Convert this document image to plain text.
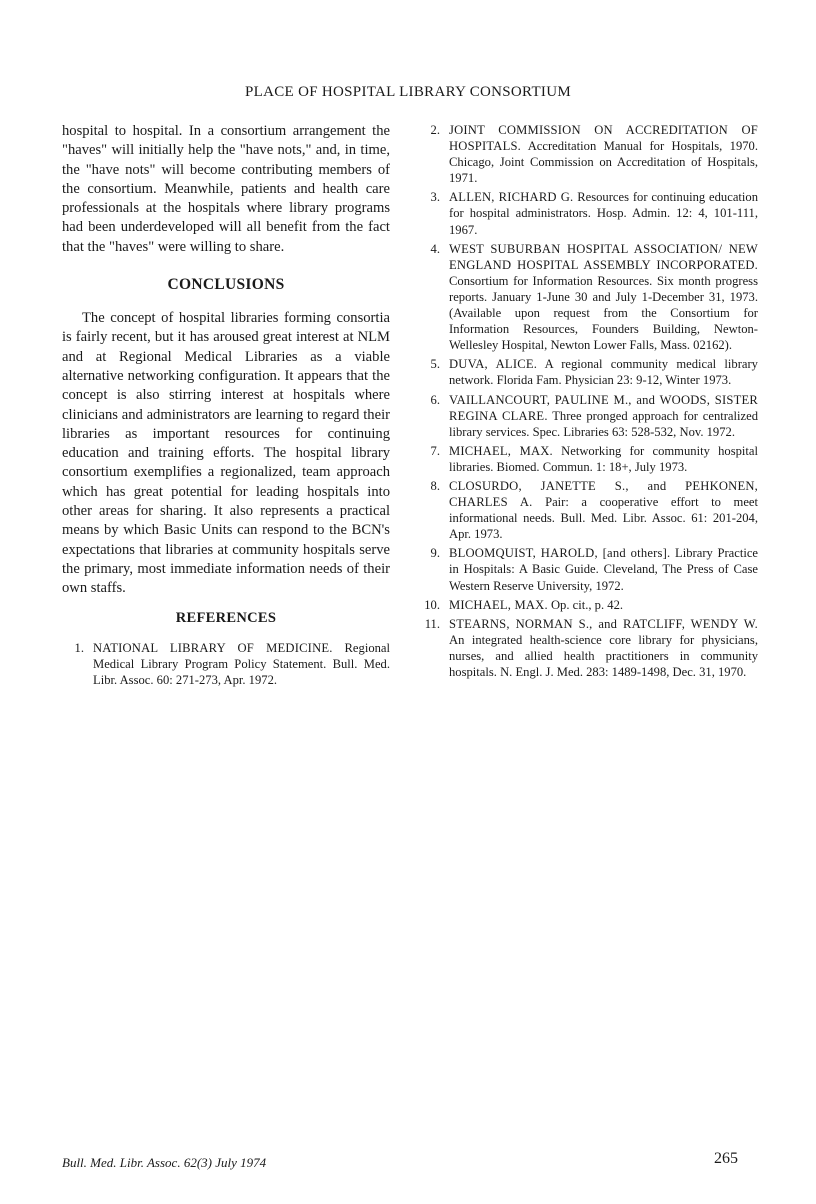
PLACE OF HOSPITAL LIBRARY CONSORTIUM

hospital to hospital. In a consortium arrangement the "haves" will initially help the "have nots," and, in time, the "have nots" will become contributing members of the consortium. Meanwhile, patients and health care professionals at the hospitals where library programs had been underdeveloped will all benefit from the fact that the "haves" were willing to share.

CONCLUSIONS

The concept of hospital libraries forming consortia is fairly recent, but it has aroused great interest at NLM and at Regional Medical Libraries as a viable alternative networking configuration. It appears that the concept is also stirring interest at hospitals where clinicians and administrators are learning to regard their libraries as important resources for continuing education and training efforts. The hospital library consortium exemplifies a regionalized, team approach which has great potential for leading hospitals into other areas for sharing. It also represents a practical means by which Basic Units can respond to the BCN's expectations that libraries at community hospitals serve the primary, most immediate information needs of their own staffs.

REFERENCES
1. NATIONAL LIBRARY OF MEDICINE. Regional Medical Library Program Policy Statement. Bull. Med. Libr. Assoc. 60: 271-273, Apr. 1972.
2. JOINT COMMISSION ON ACCREDITATION OF HOSPITALS. Accreditation Manual for Hospitals, 1970. Chicago, Joint Commission on Accreditation of Hospitals, 1971.
3. ALLEN, RICHARD G. Resources for continuing education for hospital administrators. Hosp. Admin. 12: 4, 101-111, 1967.
4. WEST SUBURBAN HOSPITAL ASSOCIATION/ NEW ENGLAND HOSPITAL ASSEMBLY INCORPORATED. Consortium for Information Resources. Six month progress reports. January 1-June 30 and July 1-December 31, 1973. (Available upon request from the Consortium for Information Resources, Founders Building, Newton-Wellesley Hospital, Newton Lower Falls, Mass. 02162).
5. DUVA, ALICE. A regional community medical library network. Florida Fam. Physician 23: 9-12, Winter 1973.
6. VAILLANCOURT, PAULINE M., and WOODS, SISTER REGINA CLARE. Three pronged approach for centralized library services. Spec. Libraries 63: 528-532, Nov. 1972.
7. MICHAEL, MAX. Networking for community hospital libraries. Biomed. Commun. 1: 18+, July 1973.
8. CLOSURDO, JANETTE S., and PEHKONEN, CHARLES A. Pair: a cooperative effort to meet informational needs. Bull. Med. Libr. Assoc. 61: 201-204, Apr. 1973.
9. BLOOMQUIST, HAROLD, [and others]. Library Practice in Hospitals: A Basic Guide. Cleveland, The Press of Case Western Reserve University, 1972.
10. MICHAEL, MAX. Op. cit., p. 42.
11. STEARNS, NORMAN S., and RATCLIFF, WENDY W. An integrated health-science core library for physicians, nurses, and allied health practitioners in community hospitals. N. Engl. J. Med. 283: 1489-1498, Dec. 31, 1970.
Bull. Med. Libr. Assoc. 62(3) July 1974	265
